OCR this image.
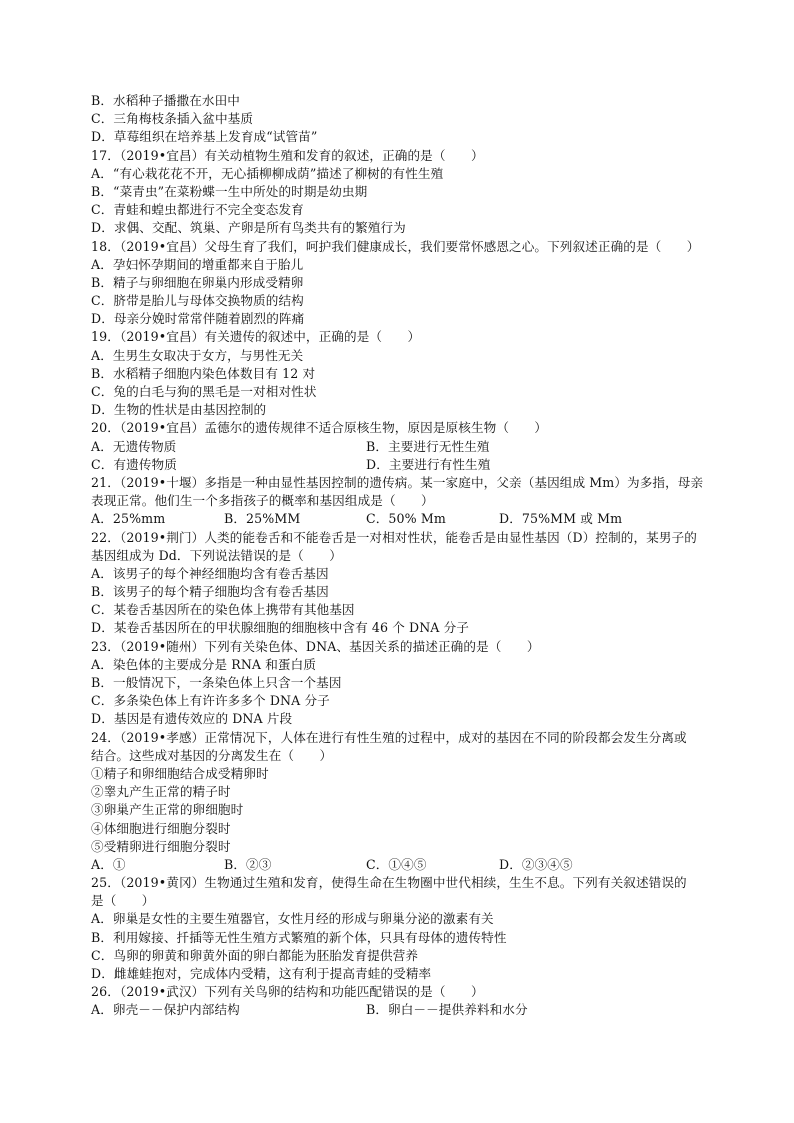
B．水稻种子播撒在水田中
C．三角梅枝条插入盆中基质
D．草莓组织在培养基上发育成“试管苗”
17．（2019•宜昌）有关动植物生殖和发育的叙述，正确的是（　　）
A．“有心栽花花不开，无心插柳柳成荫”描述了柳树的有性生殖
B．“菜青虫”在菜粉蝶一生中所处的时期是幼虫期
C．青蛙和蝗虫都进行不完全变态发育
D．求偶、交配、筑巢、产卵是所有鸟类共有的繁殖行为
18．（2019•宜昌）父母生育了我们，呵护我们健康成长，我们要常怀感恩之心。下列叙述正确的是（　　）
A．孕妇怀孕期间的增重都来自于胎儿
B．精子与卵细胞在卵巢内形成受精卵
C．脐带是胎儿与母体交换物质的结构
D．母亲分娩时常常伴随着剧烈的阵痛
19．（2019•宜昌）有关遗传的叙述中，正确的是（　　）
A．生男生女取决于女方，与男性无关
B．水稻精子细胞内染色体数目有 12 对
C．兔的白毛与狗的黑毛是一对相对性状
D．生物的性状是由基因控制的
20．（2019•宜昌）孟德尔的遗传规律不适合原核生物，原因是原核生物（　　）
A．无遗传物质	B．主要进行无性生殖
C．有遗传物质	D．主要进行有性生殖
21．（2019•十堰）多指是一种由显性基因控制的遗传病。某一家庭中，父亲（基因组成 Mm）为多指，母亲
表现正常。他们生一个多指孩子的概率和基因组成是（　　）
A．25%mm	B．25%MM	C．50% Mm	D．75%MM 或 Mm
22．（2019•荆门）人类的能卷舌和不能卷舌是一对相对性状，能卷舌是由显性基因（D）控制的，某男子的
基因组成为 Dd．下列说法错误的是（　　）
A．该男子的每个神经细胞均含有卷舌基因
B．该男子的每个精子细胞均含有卷舌基因
C．某卷舌基因所在的染色体上携带有其他基因
D．某卷舌基因所在的甲状腺细胞的细胞核中含有 46 个 DNA 分子
23．（2019•随州）下列有关染色体、DNA、基因关系的描述正确的是（　　）
A．染色体的主要成分是 RNA 和蛋白质
B．一般情况下，一条染色体上只含一个基因
C．多条染色体上有许许多多个 DNA 分子
D．基因是有遗传效应的 DNA 片段
24．（2019•孝感）正常情况下，人体在进行有性生殖的过程中，成对的基因在不同的阶段都会发生分离或
结合。这些成对基因的分离发生在（　　）
①精子和卵细胞结合成受精卵时
②睾丸产生正常的精子时
③卵巢产生正常的卵细胞时
④体细胞进行细胞分裂时
⑤受精卵进行细胞分裂时
A．①	B．②③	C．①④⑤	D．②③④⑤
25．（2019•黄冈）生物通过生殖和发育，使得生命在生物圈中世代相续，生生不息。下列有关叙述错误的
是（　　）
A．卵巢是女性的主要生殖器官，女性月经的形成与卵巢分泌的激素有关
B．利用嫁接、扦插等无性生殖方式繁殖的新个体，只具有母体的遗传特性
C．鸟卵的卵黄和卵黄外面的卵白都能为胚胎发育提供营养
D．雌雄蛙抱对，完成体内受精，这有利于提高青蛙的受精率
26．（2019•武汉）下列有关鸟卵的结构和功能匹配错误的是（　　）
A．卵壳－－保护内部结构	B．卵白－－提供养料和水分
